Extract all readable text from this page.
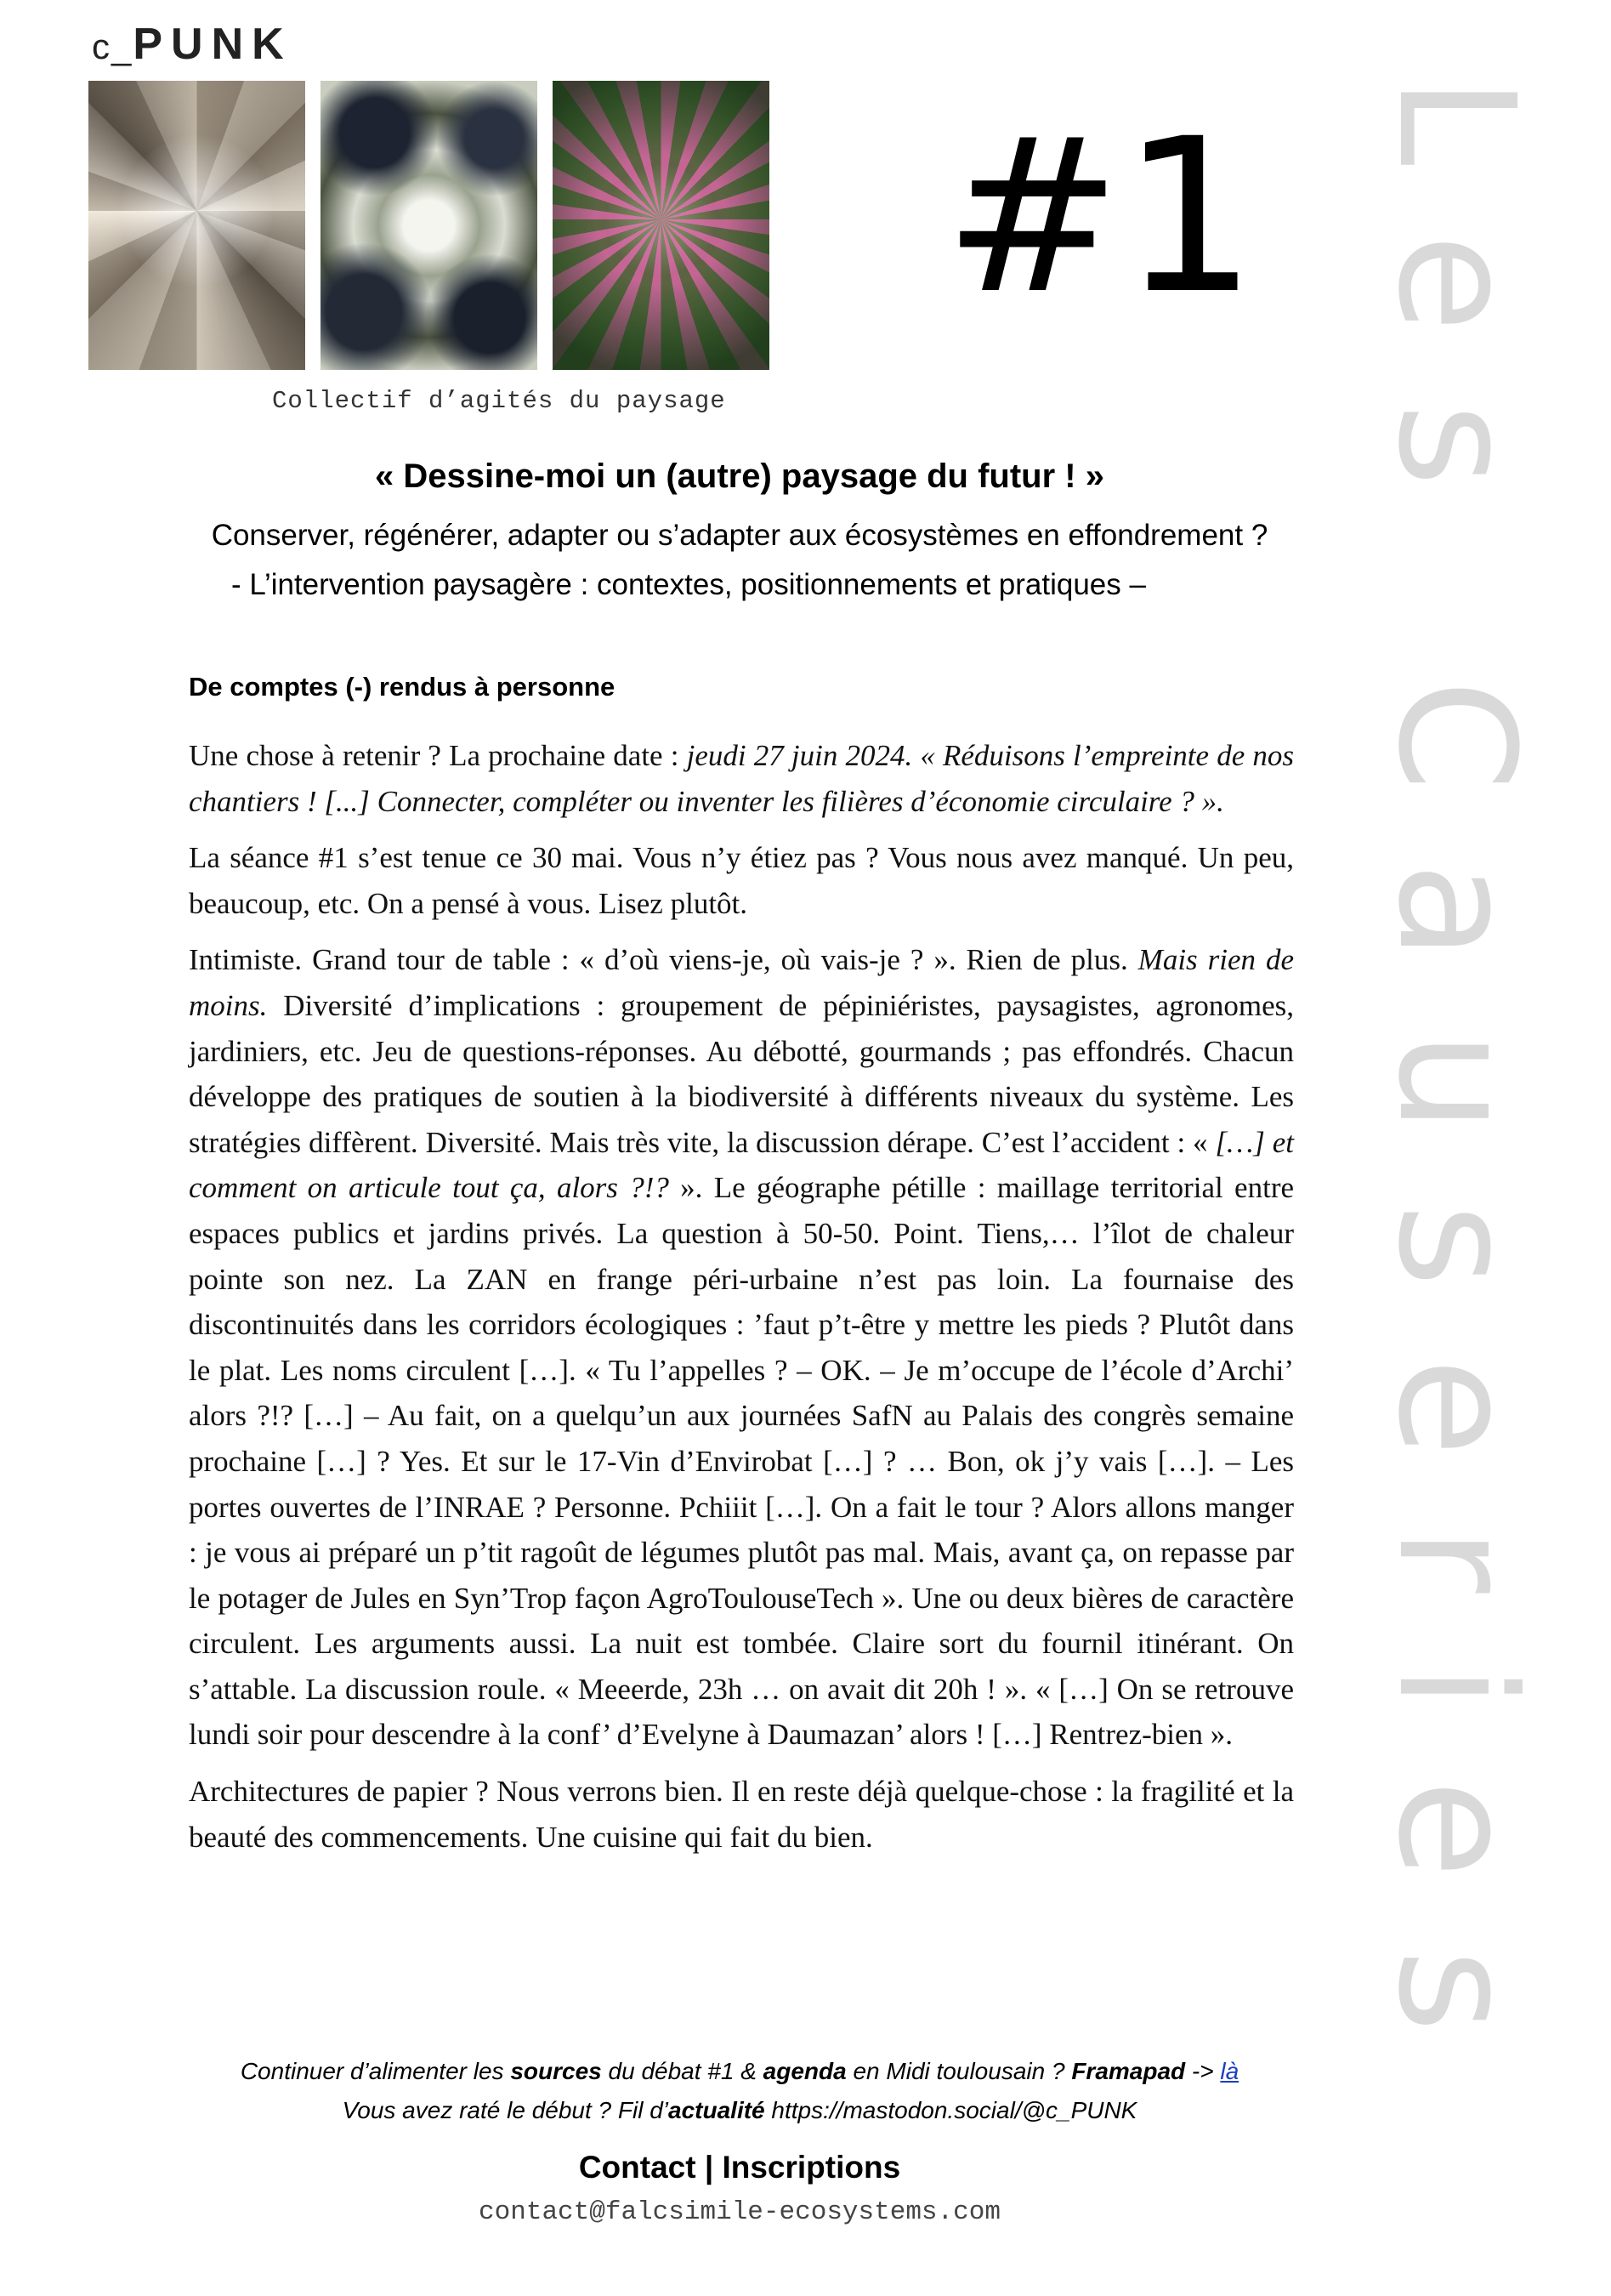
c_PUNK
Collectif d’agités du paysage
#1 Les Causeries
« Dessine-moi un (autre) paysage du futur ! »
Conserver, régénérer, adapter ou s’adapter aux écosystèmes en effondrement ?
- L’intervention paysagère : contextes, positionnements et pratiques –
De comptes (-) rendus à personne

Une chose à retenir ? La prochaine date : jeudi 27 juin 2024. « Réduisons l’empreinte de nos chantiers ! [...] Connecter, compléter ou inventer les filières d’économie circulaire ? ».

La séance #1 s’est tenue ce 30 mai. Vous n’y étiez pas ? Vous nous avez manqué. Un peu, beaucoup, etc. On a pensé à vous. Lisez plutôt.

Intimiste. Grand tour de table : « d’où viens-je, où vais-je ? ». Rien de plus. Mais rien de moins. Diversité d’implications : groupement de pépiniéristes, paysagistes, agronomes, jardiniers, etc. Jeu de questions-réponses. Au débotté, gourmands ; pas effondrés. Chacun développe des pratiques de soutien à la biodiversité à différents niveaux du système. Les stratégies diffèrent. Diversité. Mais très vite, la discussion dérape. C’est l’accident : « […] et comment on articule tout ça, alors ?!? ». Le géographe pétille : maillage territorial entre espaces publics et jardins privés. La question à 50-50. Point. Tiens,… l’îlot de chaleur pointe son nez. La ZAN en frange péri-urbaine n’est pas loin. La fournaise des discontinuités dans les corridors écologiques : ’faut p’t-être y mettre les pieds ? Plutôt dans le plat. Les noms circulent […]. « Tu l’appelles ? – OK. – Je m’occupe de l’école d’Archi’ alors ?!? […] – Au fait, on a quelqu’un aux journées SafN au Palais des congrès semaine prochaine […] ? Yes. Et sur le 17-Vin d’Envirobat […] ? … Bon, ok j’y vais […]. – Les portes ouvertes de l’INRAE ? Personne. Pchiiit […]. On a fait le tour ? Alors allons manger : je vous ai préparé un p’tit ragoût de légumes plutôt pas mal. Mais, avant ça, on repasse par le potager de Jules en Syn’Trop façon AgroToulouseTech ». Une ou deux bières de caractère circulent. Les arguments aussi. La nuit est tombée. Claire sort du fournil itinérant. On s’attable. La discussion roule. « Meeerde, 23h … on avait dit 20h ! ». « […] On se retrouve lundi soir pour descendre à la conf’ d’Evelyne à Daumazan’ alors ! […] Rentrez-bien ».

Architectures de papier ? Nous verrons bien. Il en reste déjà quelque-chose : la fragilité et la beauté des commencements. Une cuisine qui fait du bien.

Continuer d’alimenter les sources du débat #1 & agenda en Midi toulousain ? Framapad -> là
Vous avez raté le début ? Fil d’actualité https://mastodon.social/@c_PUNK
Contact | Inscriptions
contact@falcsimile-ecosystems.com
